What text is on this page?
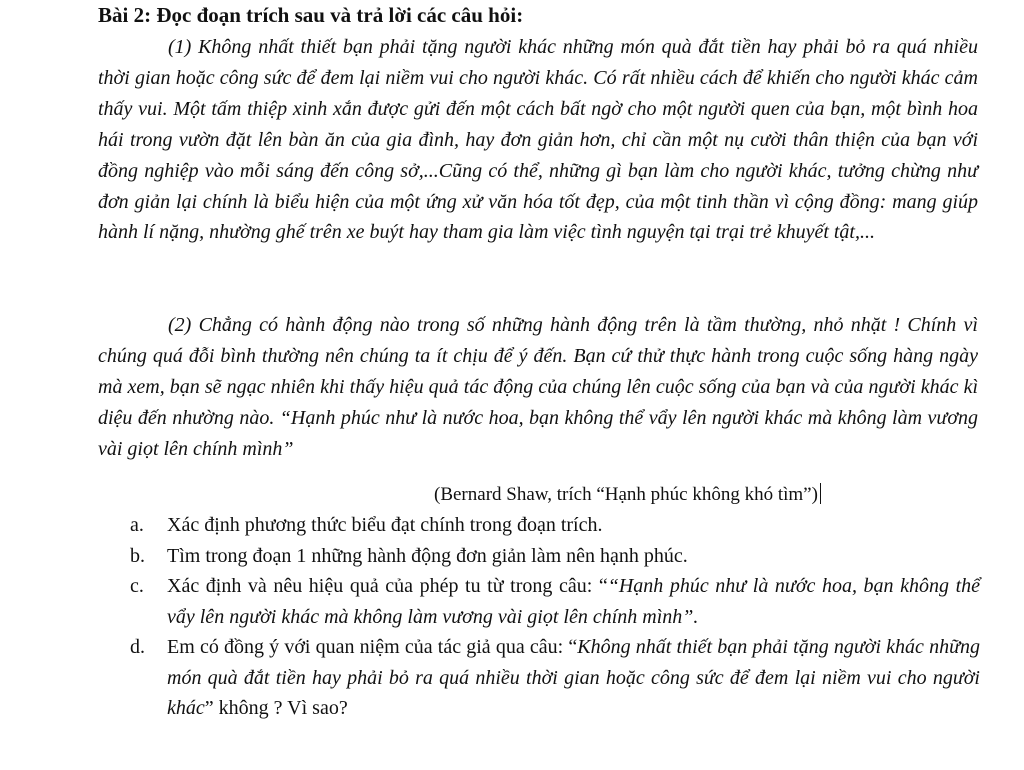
Bài 2: Đọc đoạn trích sau và trả lời các câu hỏi:
(1) Không nhất thiết bạn phải tặng người khác những món quà đắt tiền hay phải bỏ ra quá nhiều thời gian hoặc công sức để đem lại niềm vui cho người khác. Có rất nhiều cách để khiến cho người khác cảm thấy vui. Một tấm thiệp xinh xắn được gửi đến một cách bất ngờ cho một người quen của bạn, một bình hoa hái trong vườn đặt lên bàn ăn của gia đình, hay đơn giản hơn, chỉ cần một nụ cười thân thiện của bạn với đồng nghiệp vào mỗi sáng đến công sở,...Cũng có thể, những gì bạn làm cho người khác, tưởng chừng như đơn giản lại chính là biểu hiện của một ứng xử văn hóa tốt đẹp, của một tinh thần vì cộng đồng: mang giúp hành lí nặng, nhường ghế trên xe buýt hay tham gia làm việc tình nguyện tại trại trẻ khuyết tật,...
(2) Chẳng có hành động nào trong số những hành động trên là tầm thường, nhỏ nhặt ! Chính vì chúng quá đỗi bình thường nên chúng ta ít chịu để ý đến. Bạn cứ thử thực hành trong cuộc sống hàng ngày mà xem, bạn sẽ ngạc nhiên khi thấy hiệu quả tác động của chúng lên cuộc sống của bạn và của người khác kì diệu đến nhường nào. “Hạnh phúc như là nước hoa, bạn không thể vẩy lên người khác mà không làm vương vài giọt lên chính mình”
(Bernard Shaw, trích “Hạnh phúc không khó tìm”)
a.	Xác định phương thức biểu đạt chính trong đoạn trích.
b.	Tìm trong đoạn 1 những hành động đơn giản làm nên hạnh phúc.
c.	Xác định và nêu hiệu quả của phép tu từ trong câu: ““Hạnh phúc như là nước hoa, bạn không thể vẩy lên người khác mà không làm vương vài giọt lên chính mình”.
d.	Em có đồng ý với quan niệm của tác giả qua câu: “Không nhất thiết bạn phải tặng người khác những món quà đắt tiền hay phải bỏ ra quá nhiều thời gian hoặc công sức để đem lại niềm vui cho người khác” không ? Vì sao?
